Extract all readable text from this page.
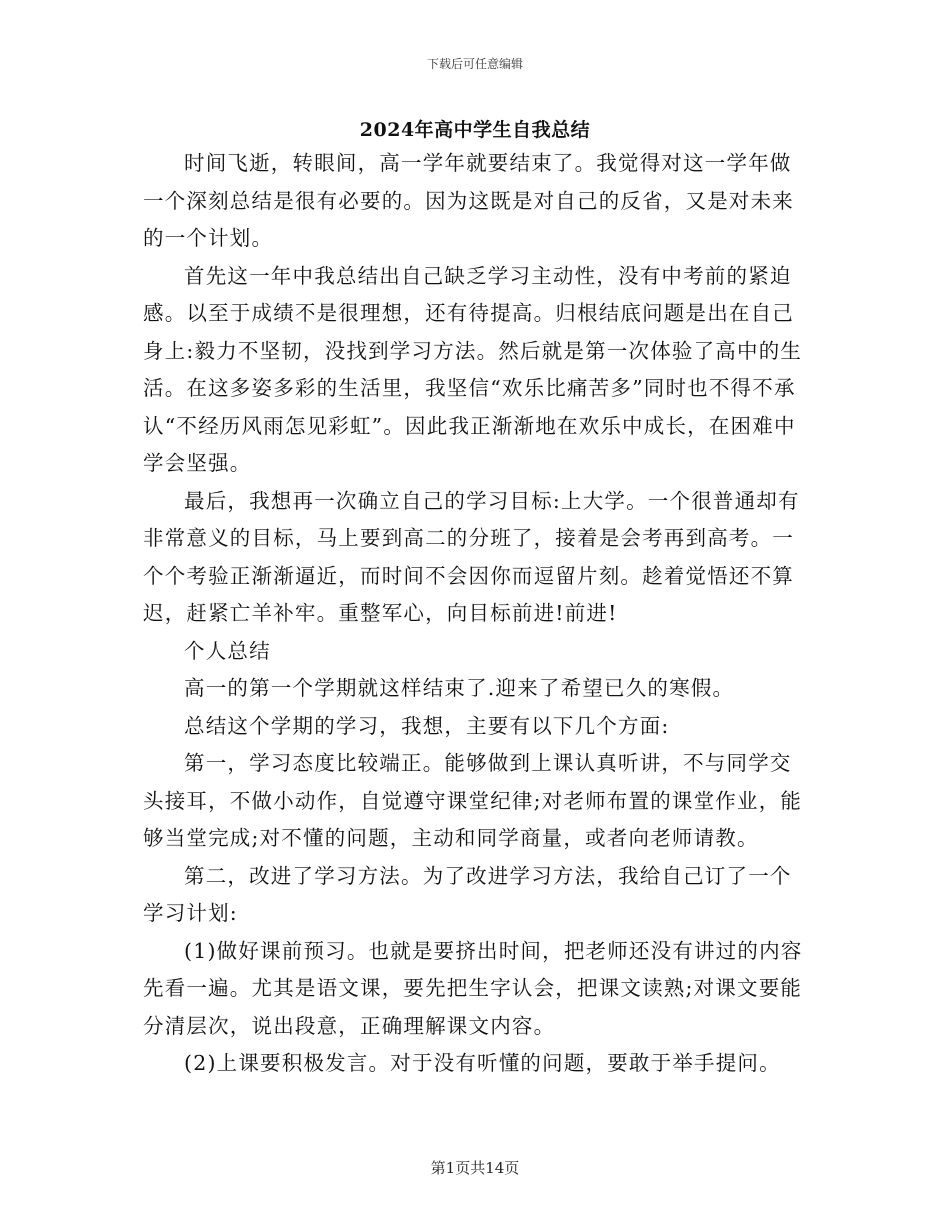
下载后可任意编辑
2024年高中学生自我总结

时间飞逝，转眼间，高一学年就要结束了。我觉得对这一学年做一个深刻总结是很有必要的。因为这既是对自己的反省，又是对未来的一个计划。

首先这一年中我总结出自己缺乏学习主动性，没有中考前的紧迫感。以至于成绩不是很理想，还有待提高。归根结底问题是出在自己身上:毅力不坚韧，没找到学习方法。然后就是第一次体验了高中的生活。在这多姿多彩的生活里，我坚信“欢乐比痛苦多”同时也不得不承认“不经历风雨怎见彩虹”。因此我正渐渐地在欢乐中成长，在困难中学会坚强。

最后，我想再一次确立自己的学习目标:上大学。一个很普通却有非常意义的目标，马上要到高二的分班了，接着是会考再到高考。一个个考验正渐渐逼近，而时间不会因你而逗留片刻。趁着觉悟还不算迟，赶紧亡羊补牢。重整军心，向目标前进!前进!

个人总结

高一的第一个学期就这样结束了.迎来了希望已久的寒假。

总结这个学期的学习，我想，主要有以下几个方面:

第一，学习态度比较端正。能够做到上课认真听讲，不与同学交头接耳，不做小动作，自觉遵守课堂纪律;对老师布置的课堂作业，能够当堂完成;对不懂的问题，主动和同学商量，或者向老师请教。

第二，改进了学习方法。为了改进学习方法，我给自己订了一个学习计划:

(1)做好课前预习。也就是要挤出时间，把老师还没有讲过的内容先看一遍。尤其是语文课，要先把生字认会，把课文读熟;对课文要能分清层次，说出段意，正确理解课文内容。

(2)上课要积极发言。对于没有听懂的问题，要敢于举手提问。

第1页共14页
